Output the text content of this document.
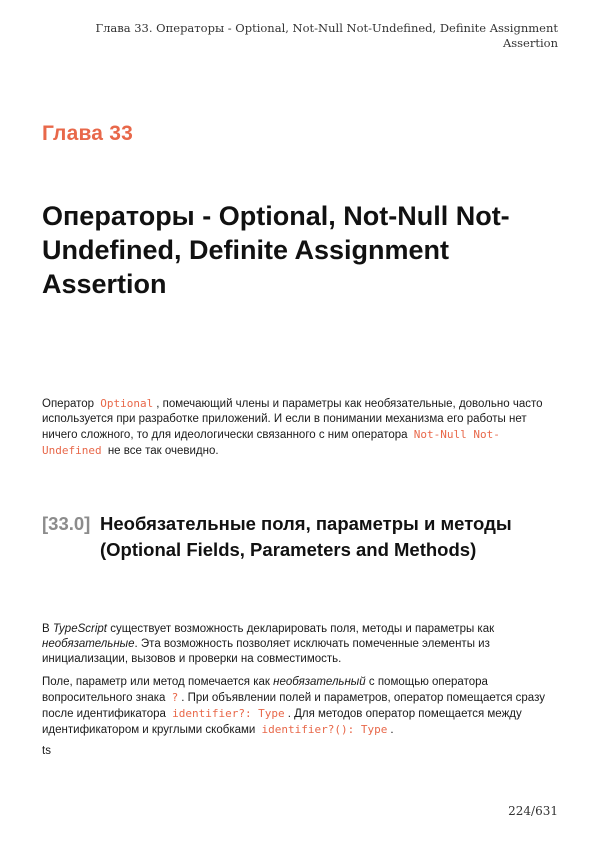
Глава 33. Операторы - Optional, Not-Null Not-Undefined, Definite Assignment Assertion
Глава 33
Операторы - Optional, Not-Null Not-Undefined, Definite Assignment Assertion

Оператор Optional , помечающий члены и параметры как необязательные, довольно часто используется при разработке приложений. И если в понимании механизма его работы нет ничего сложного, то для идеологически связанного с ним оператора Not-Null Not-Undefined не все так очевидно.

[33.0] Необязательные поля, параметры и методы (Optional Fields, Parameters and Methods)

В TypeScript существует возможность декларировать поля, методы и параметры как необязательные. Эта возможность позволяет исключать помеченные элементы из инициализации, вызовов и проверки на совместимость.

Поле, параметр или метод помечается как необязательный с помощью оператора вопросительного знака ? . При объявлении полей и параметров, оператор помещается сразу после идентификатора identifier?: Type . Для методов оператор помещается между идентификатором и круглыми скобками identifier?(): Type .

ts

224/631
